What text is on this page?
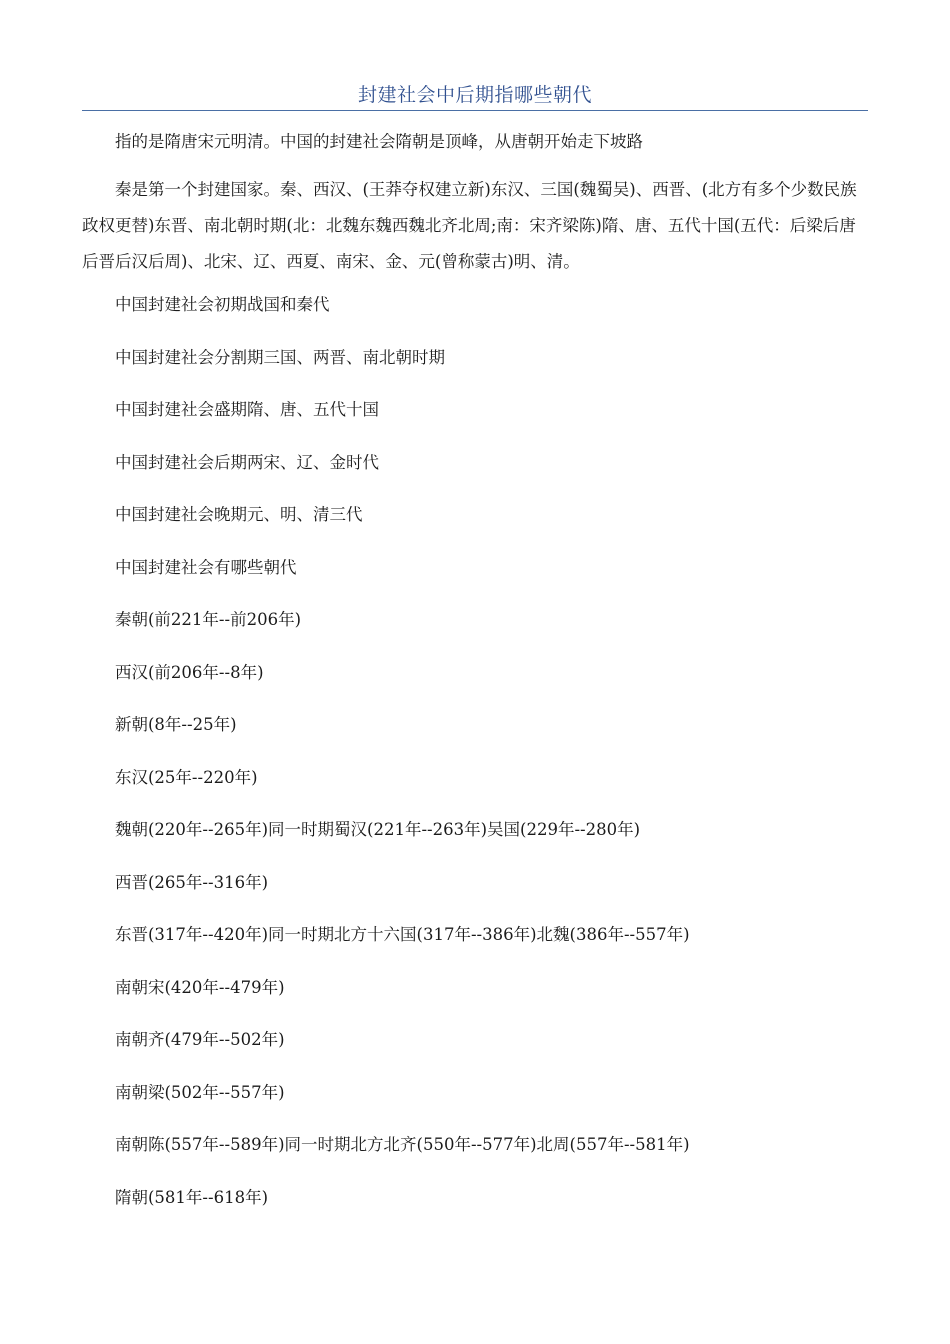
封建社会中后期指哪些朝代

指的是隋唐宋元明清。中国的封建社会隋朝是顶峰，从唐朝开始走下坡路

秦是第一个封建国家。秦、西汉、(王莽夺权建立新)东汉、三国(魏蜀吴)、西晋、(北方有多个少数民族政权更替)东晋、南北朝时期(北：北魏东魏西魏北齐北周;南：宋齐梁陈)隋、唐、五代十国(五代：后梁后唐后晋后汉后周)、北宋、辽、西夏、南宋、金、元(曾称蒙古)明、清。

中国封建社会初期战国和秦代

中国封建社会分割期三国、两晋、南北朝时期

中国封建社会盛期隋、唐、五代十国

中国封建社会后期两宋、辽、金时代

中国封建社会晚期元、明、清三代

中国封建社会有哪些朝代

秦朝(前221年--前206年)

西汉(前206年--8年)

新朝(8年--25年)

东汉(25年--220年)

魏朝(220年--265年)同一时期蜀汉(221年--263年)吴国(229年--280年)

西晋(265年--316年)

东晋(317年--420年)同一时期北方十六国(317年--386年)北魏(386年--557年)

南朝宋(420年--479年)

南朝齐(479年--502年)

南朝梁(502年--557年)

南朝陈(557年--589年)同一时期北方北齐(550年--577年)北周(557年--581年)

隋朝(581年--618年)
